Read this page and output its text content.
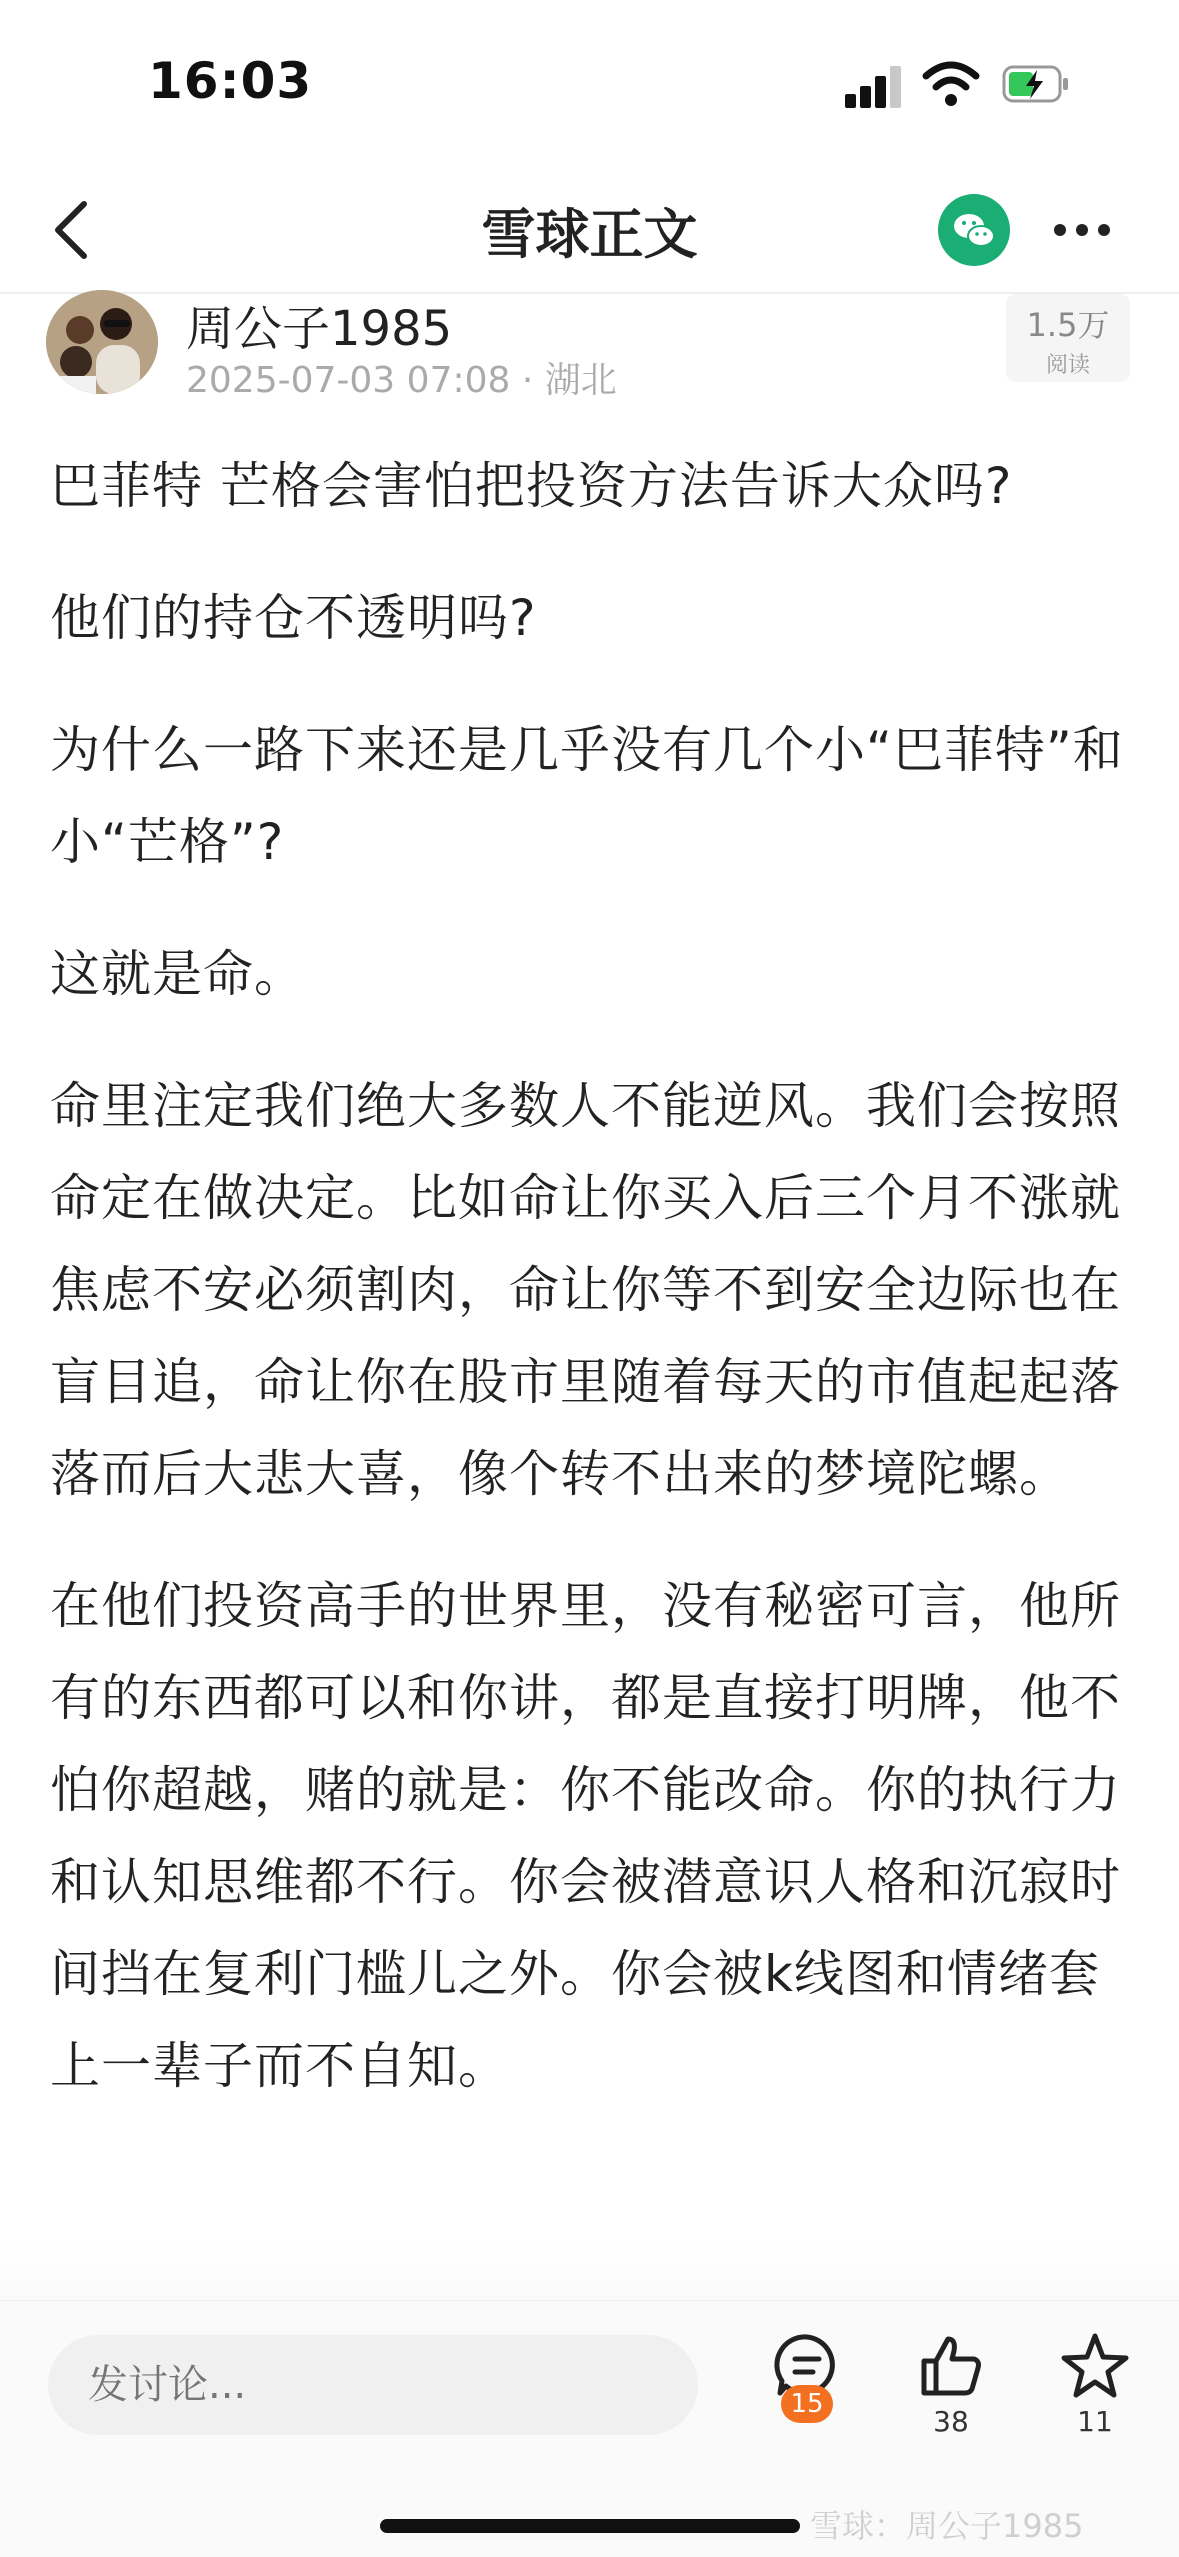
16:03
雪球正文
周公子1985
2025-07-03 07:08 · 湖北
1.5万
阅读

巴菲特 芒格会害怕把投资方法告诉大众吗?

他们的持仓不透明吗?

为什么一路下来还是几乎没有几个小“巴菲特”和小“芒格”?

这就是命。

命里注定我们绝大多数人不能逆风。我们会按照命定在做决定。比如命让你买入后三个月不涨就焦虑不安必须割肉，命让你等不到安全边际也在盲目追，命让你在股市里随着每天的市值起起落落而后大悲大喜，像个转不出来的梦境陀螺。

在他们投资高手的世界里，没有秘密可言，他所有的东西都可以和你讲，都是直接打明牌，他不怕你超越，赌的就是：你不能改命。你的执行力和认知思维都不行。你会被潜意识人格和沉寂时间挡在复利门槛儿之外。你会被k线图和情绪套上一辈子而不自知。

发讨论...
15
38	11
雪球：周公子1985
